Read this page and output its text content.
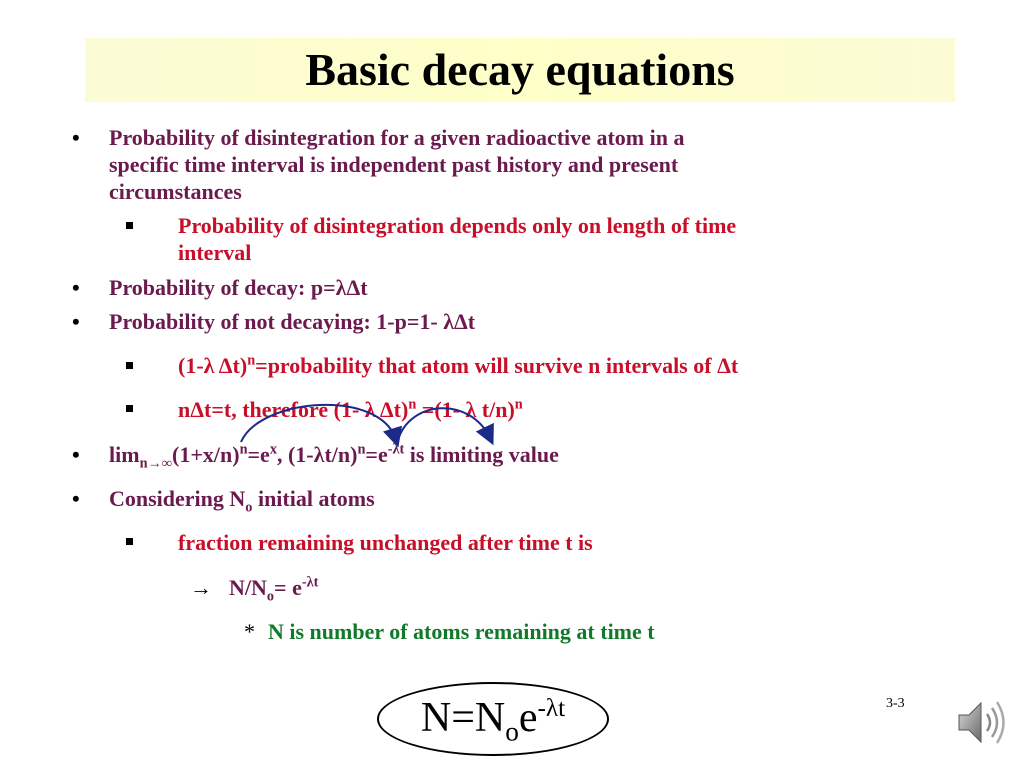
Basic decay equations
• Probability of disintegration for a given radioactive atom in a
specific time interval is independent past history and present
circumstances
Probability of disintegration depends only on length of time
interval
• Probability of decay: p=λΔt
• Probability of not decaying: 1-p=1- λΔt
(1-λ Δt)$^n$=probability that atom will survive n intervals of Δt
nΔt=t, therefore (1- λ Δt)$^n$ =(1- λ t/n)$^n$
• $\lim_{n\to\infty}(1+x/n)^n=e^x$, $(1-\lambda t/n)^n=e^{-\lambda t}$ is limiting value
• Considering $N_o$ initial atoms
fraction remaining unchanged after time t is
→ $N/N_o= e^{-\lambda t}$
* N is number of atoms remaining at time t
$N=N_oe^{-\lambda t}$	3-3
